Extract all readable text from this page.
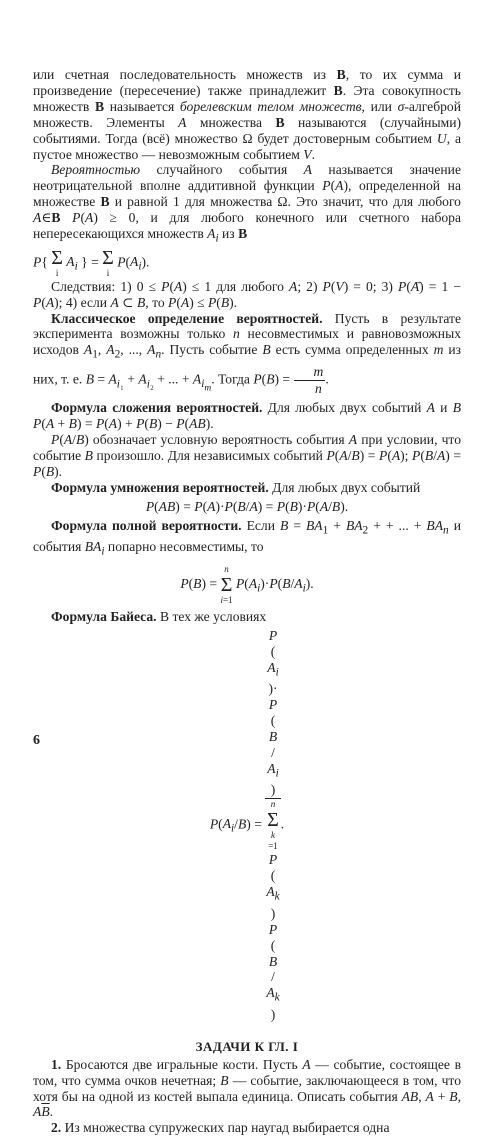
или счетная последовательность множеств из B, то их сумма и произведение (пересечение) также принадлежит B. Эта совокупность множеств B называется борелевским телом множеств, или σ-алгеброй множеств. Элементы A множества B называются (случайными) событиями. Тогда (всё) множество Ω будет достоверным событием U, а пустое множество — невозможным событием V.

Вероятностью случайного события A называется значение неотрицательной вполне аддитивной функции P(A), определенной на множестве B и равной 1 для множества Ω. Это значит, что для любого A∈B P(A) ≥ 0, и для любого конечного или счетного набора непересекающихся множеств $A_i$ из B

P{ Σ
i
$A_i$ } = Σ
i
$P(A_i)$.

Следствия: 1) 0 ≤ P(A) ≤ 1 для любого A; 2) P(V) = 0; 3) P(Ā) = 1 − P(A); 4) если A ⊂ B, то P(A) ≤ P(B).

Классическое определение вероятностей. Пусть в результате эксперимента возможны только n несовместимых и равновозможных исходов $A_1$, $A_2$, ..., $A_n$. Пусть событие B есть сумма определенных m из них, т. е. $B = A_{i_1} + A_{i_2}$ + ... + $A_{i_m}$. Тогда $P(B) = \frac{m}{n}$ .

Формула сложения вероятностей. Для любых двух событий A и B P(A + B) = P(A) + P(B) − P(AB).

P(A/B) обозначает условную вероятность события A при условии, что событие B произошло. Для независимых событий P(A/B) = P(A); P(B/A) = P(B).

Формула умножения вероятностей. Для любых двух событий

P(AB) = P(A)·P(B/A) = P(B)·P(A/B).

Формула полной вероятности. Если $B = BA_1 + BA_2$ + + ... + $BA_n$ и события $BA_i$ попарно несовместимы, то

P(B) =
n
Σ
i=1
$P(A_i)\cdot P(B/A_i)$.

Формула Байеса. В тех же условиях

$P(A_i/B) = P$
(
$A_i$
)·
P
(
B
/
$A_i$
)
n
Σ
k
=1
P
(
$A_k$
)
P
(
B
/
$A_k$
) .

ЗАДАЧИ К ГЛ. I

1. Бросаются две игральные кости. Пусть A — событие, состоящее в том, что сумма очков нечетная; B — событие, заключающееся в том, что хотя бы на одной из костей выпала единица. Описать события AB, A + B, $A\overline{B}$.

2. Из множества супружеских пар наугад выбирается одна

6
